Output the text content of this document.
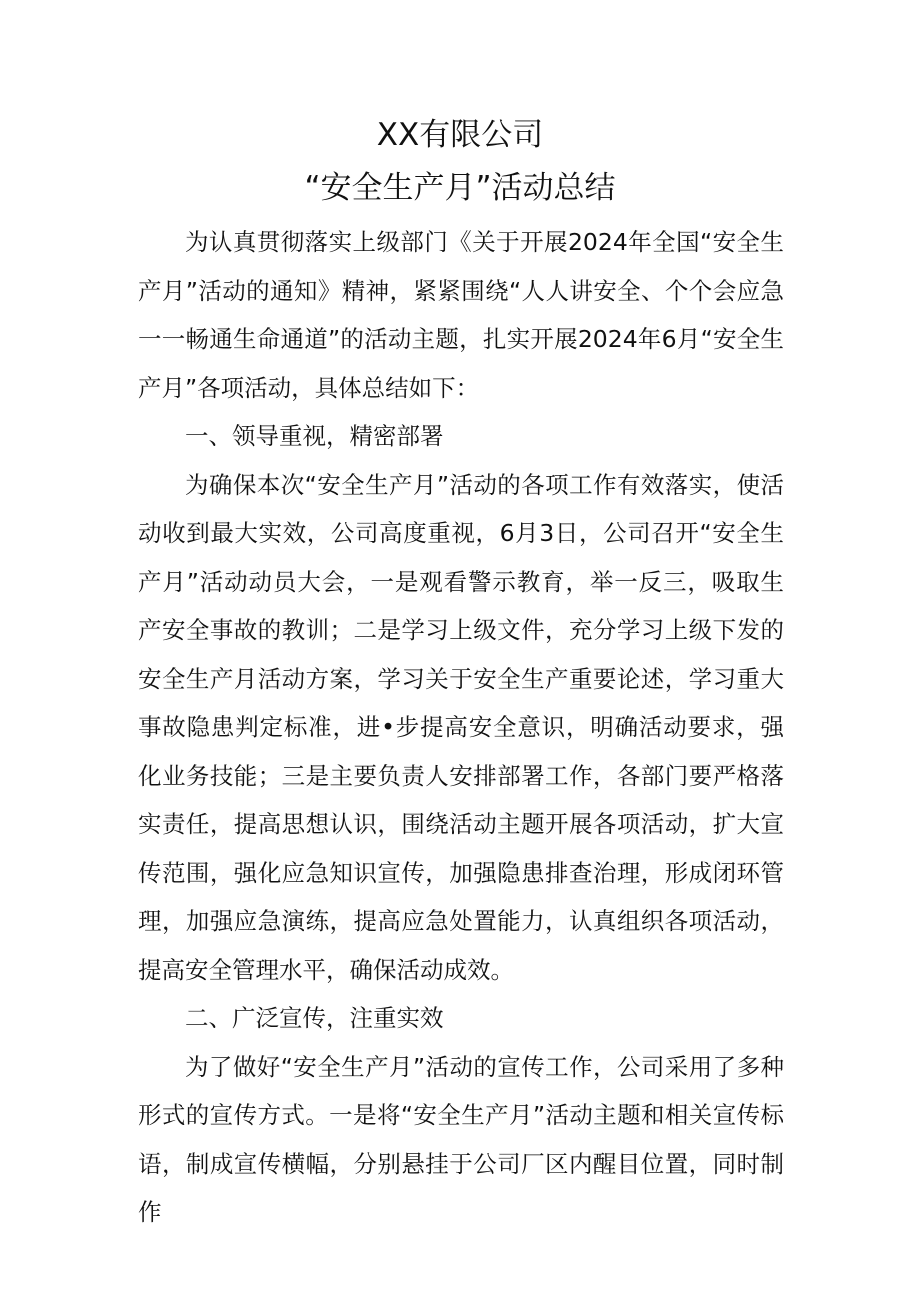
XX有限公司
“安全生产月”活动总结

为认真贯彻落实上级部门《关于开展2024年全国“安全生产月”活动的通知》精神，紧紧围绕“人人讲安全、个个会应急一一畅通生命通道”的活动主题，扎实开展2024年6月“安全生产月”各项活动，具体总结如下：

一、领导重视，精密部署

为确保本次“安全生产月”活动的各项工作有效落实，使活动收到最大实效，公司高度重视，6月3日，公司召开“安全生产月”活动动员大会，一是观看警示教育，举一反三，吸取生产安全事故的教训；二是学习上级文件，充分学习上级下发的安全生产月活动方案，学习关于安全生产重要论述，学习重大事故隐患判定标准，进•步提高安全意识，明确活动要求，强化业务技能；三是主要负责人安排部署工作，各部门要严格落实责任，提高思想认识，围绕活动主题开展各项活动，扩大宣传范围，强化应急知识宣传，加强隐患排查治理，形成闭环管理，加强应急演练，提高应急处置能力，认真组织各项活动，提高安全管理水平，确保活动成效。

二、广泛宣传，注重实效

为了做好“安全生产月”活动的宣传工作，公司采用了多种形式的宣传方式。一是将“安全生产月”活动主题和相关宣传标语，制成宣传横幅，分别悬挂于公司厂区内醒目位置，同时制作
